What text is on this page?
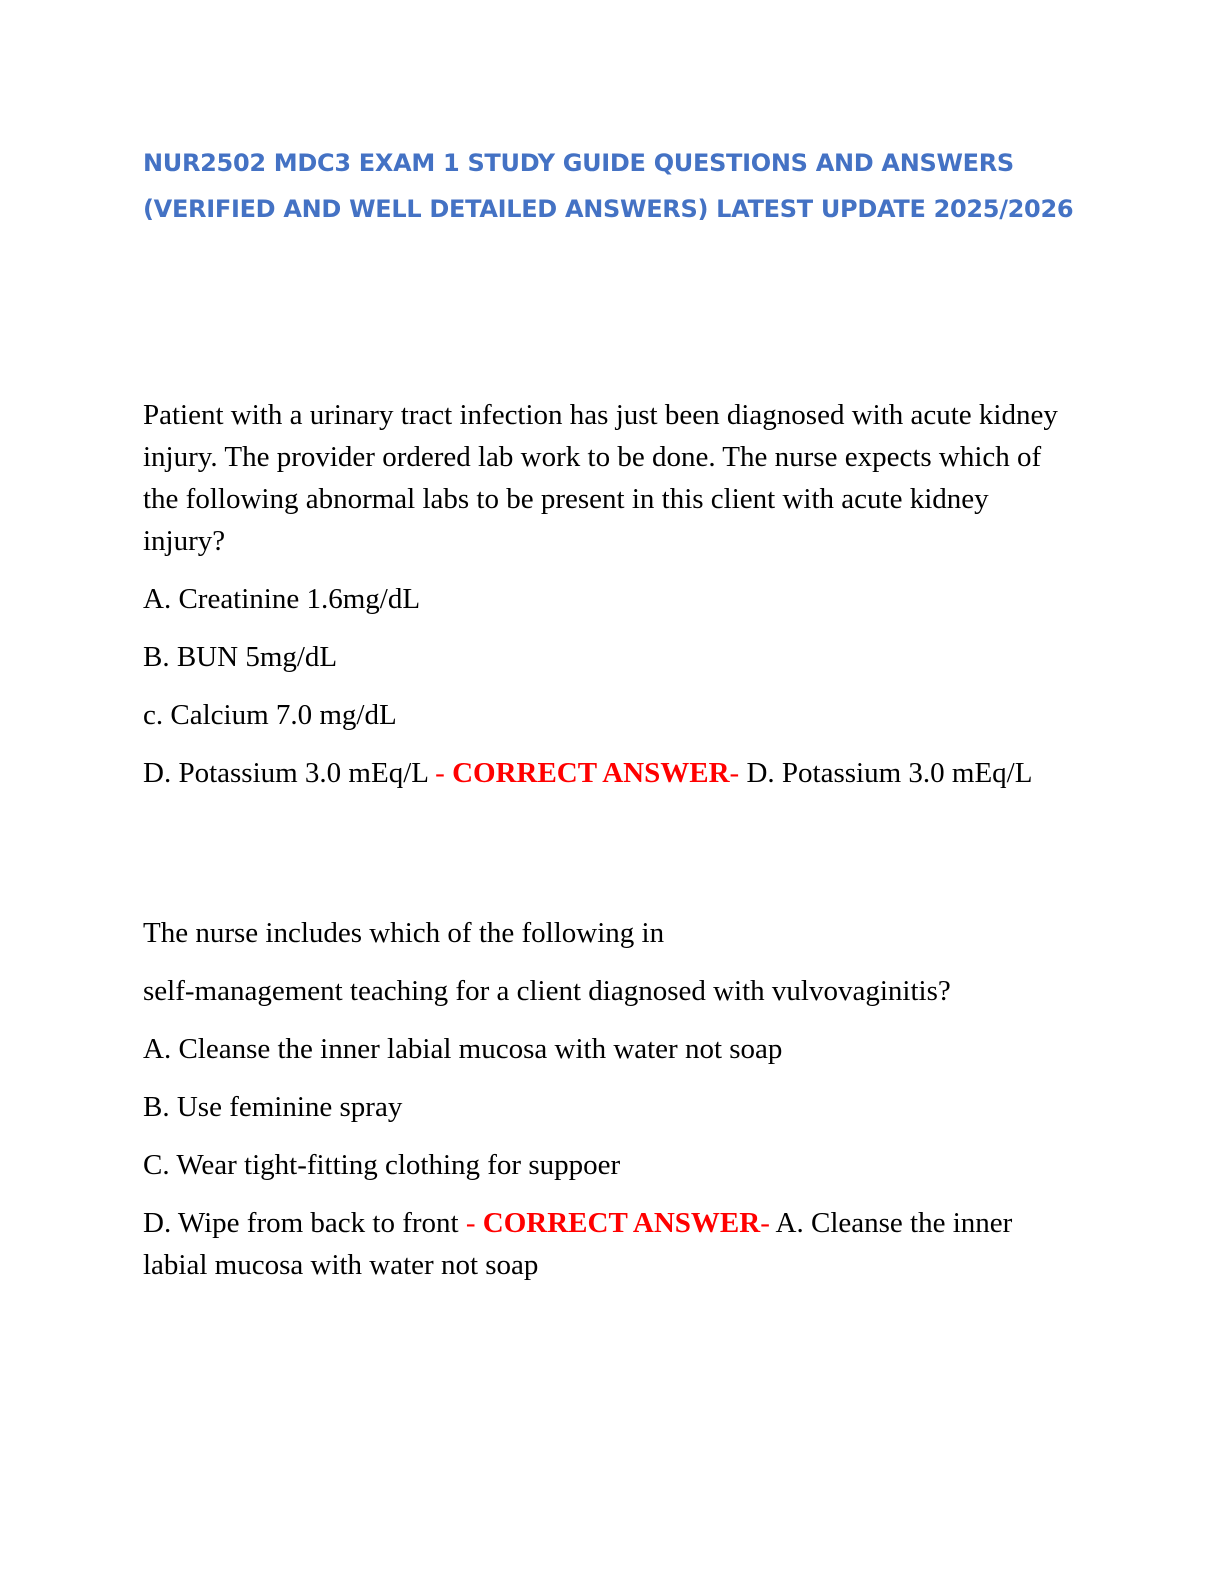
NUR2502 MDC3 EXAM 1 STUDY GUIDE QUESTIONS AND ANSWERS
(VERIFIED AND WELL DETAILED ANSWERS) LATEST UPDATE 2025/2026

Patient with a urinary tract infection has just been diagnosed with acute kidney injury. The provider ordered lab work to be done. The nurse expects which of the following abnormal labs to be present in this client with acute kidney injury?

A. Creatinine 1.6mg/dL

B. BUN 5mg/dL

c. Calcium 7.0 mg/dL

D. Potassium 3.0 mEq/L - CORRECT ANSWER- D. Potassium 3.0 mEq/L

The nurse includes which of the following in

self-management teaching for a client diagnosed with vulvovaginitis?

A. Cleanse the inner labial mucosa with water not soap

B. Use feminine spray

C. Wear tight-fitting clothing for suppoer

D. Wipe from back to front - CORRECT ANSWER- A. Cleanse the inner labial mucosa with water not soap
